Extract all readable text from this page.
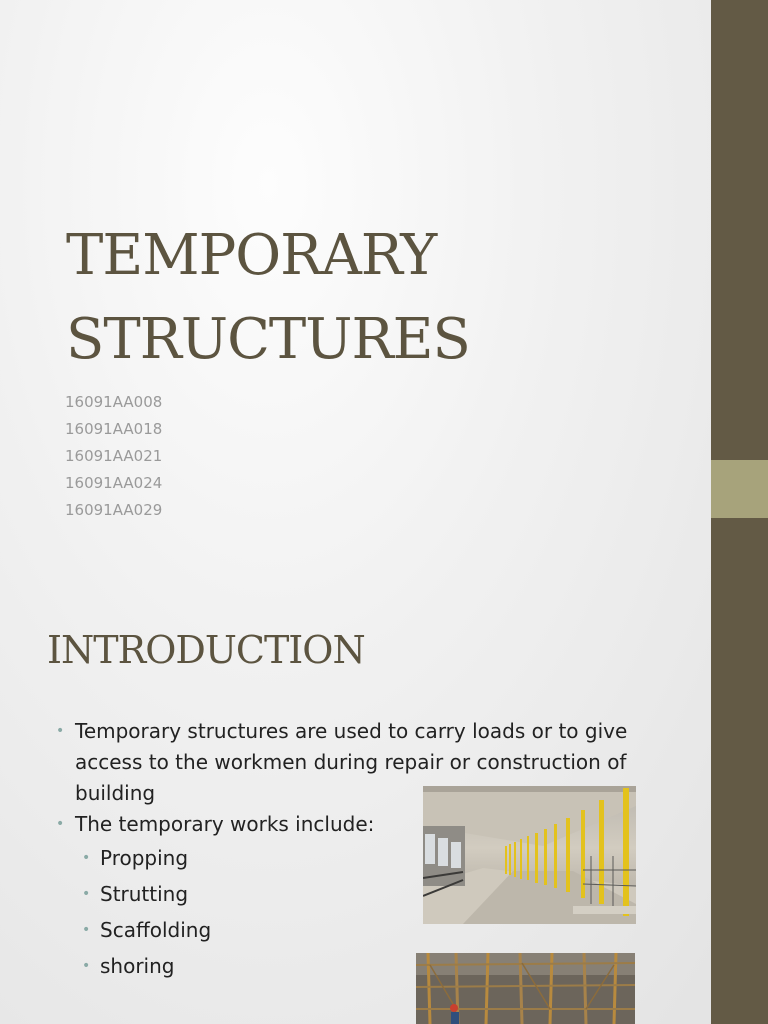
TEMPORARY
STRUCTURES
16091AA008
16091AA018
16091AA021
16091AA024
16091AA029
INTRODUCTION
• Temporary structures are used to carry loads or to give access to the workmen during repair or construction of building
• The temporary works include:
• Propping
• Strutting
• Scaffolding
• shoring
